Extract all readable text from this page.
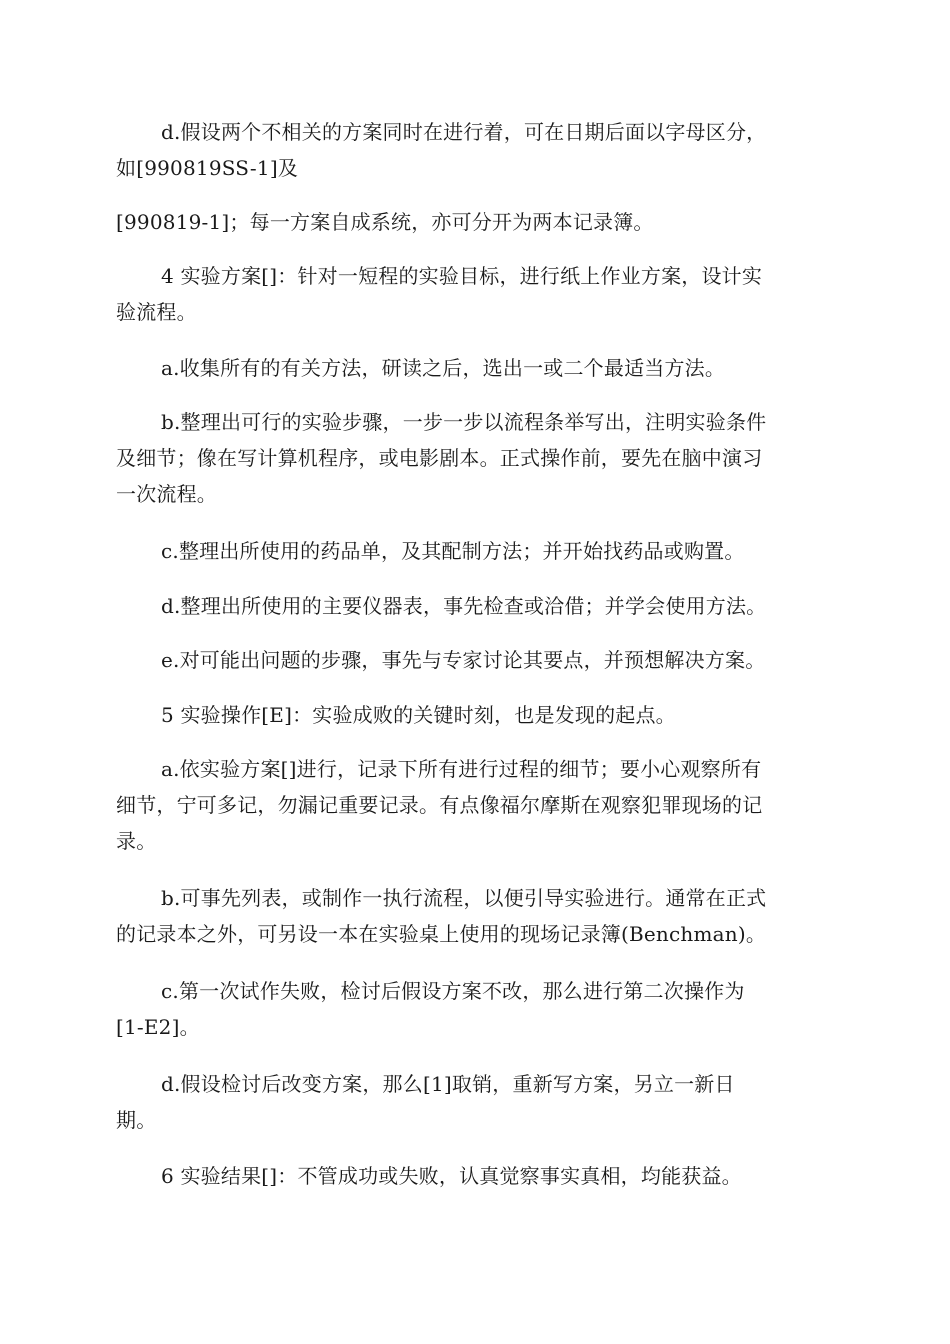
d.假设两个不相关的方案同时在进行着，可在日期后面以字母区分，
如[990819SS-1]及

[990819-1]；每一方案自成系统，亦可分开为两本记录簿。

4 实验方案[]：针对一短程的实验目标，进行纸上作业方案，设计实
验流程。

a.收集所有的有关方法，研读之后，选出一或二个最适当方法。

b.整理出可行的实验步骤，一步一步以流程条举写出，注明实验条件
及细节；像在写计算机程序，或电影剧本。正式操作前，要先在脑中演习
一次流程。

c.整理出所使用的药品单，及其配制方法；并开始找药品或购置。

d.整理出所使用的主要仪器表，事先检查或洽借；并学会使用方法。

e.对可能出问题的步骤，事先与专家讨论其要点，并预想解决方案。

5 实验操作[E]：实验成败的关键时刻，也是发现的起点。

a.依实验方案[]进行，记录下所有进行过程的细节；要小心观察所有
细节，宁可多记，勿漏记重要记录。有点像福尔摩斯在观察犯罪现场的记
录。

b.可事先列表，或制作一执行流程，以便引导实验进行。通常在正式
的记录本之外，可另设一本在实验桌上使用的现场记录簿(Benchman)。

c.第一次试作失败，检讨后假设方案不改，那么进行第二次操作为
[1-E2]。

d.假设检讨后改变方案，那么[1]取销，重新写方案，另立一新日
期。

6 实验结果[]：不管成功或失败，认真觉察事实真相，均能获益。
